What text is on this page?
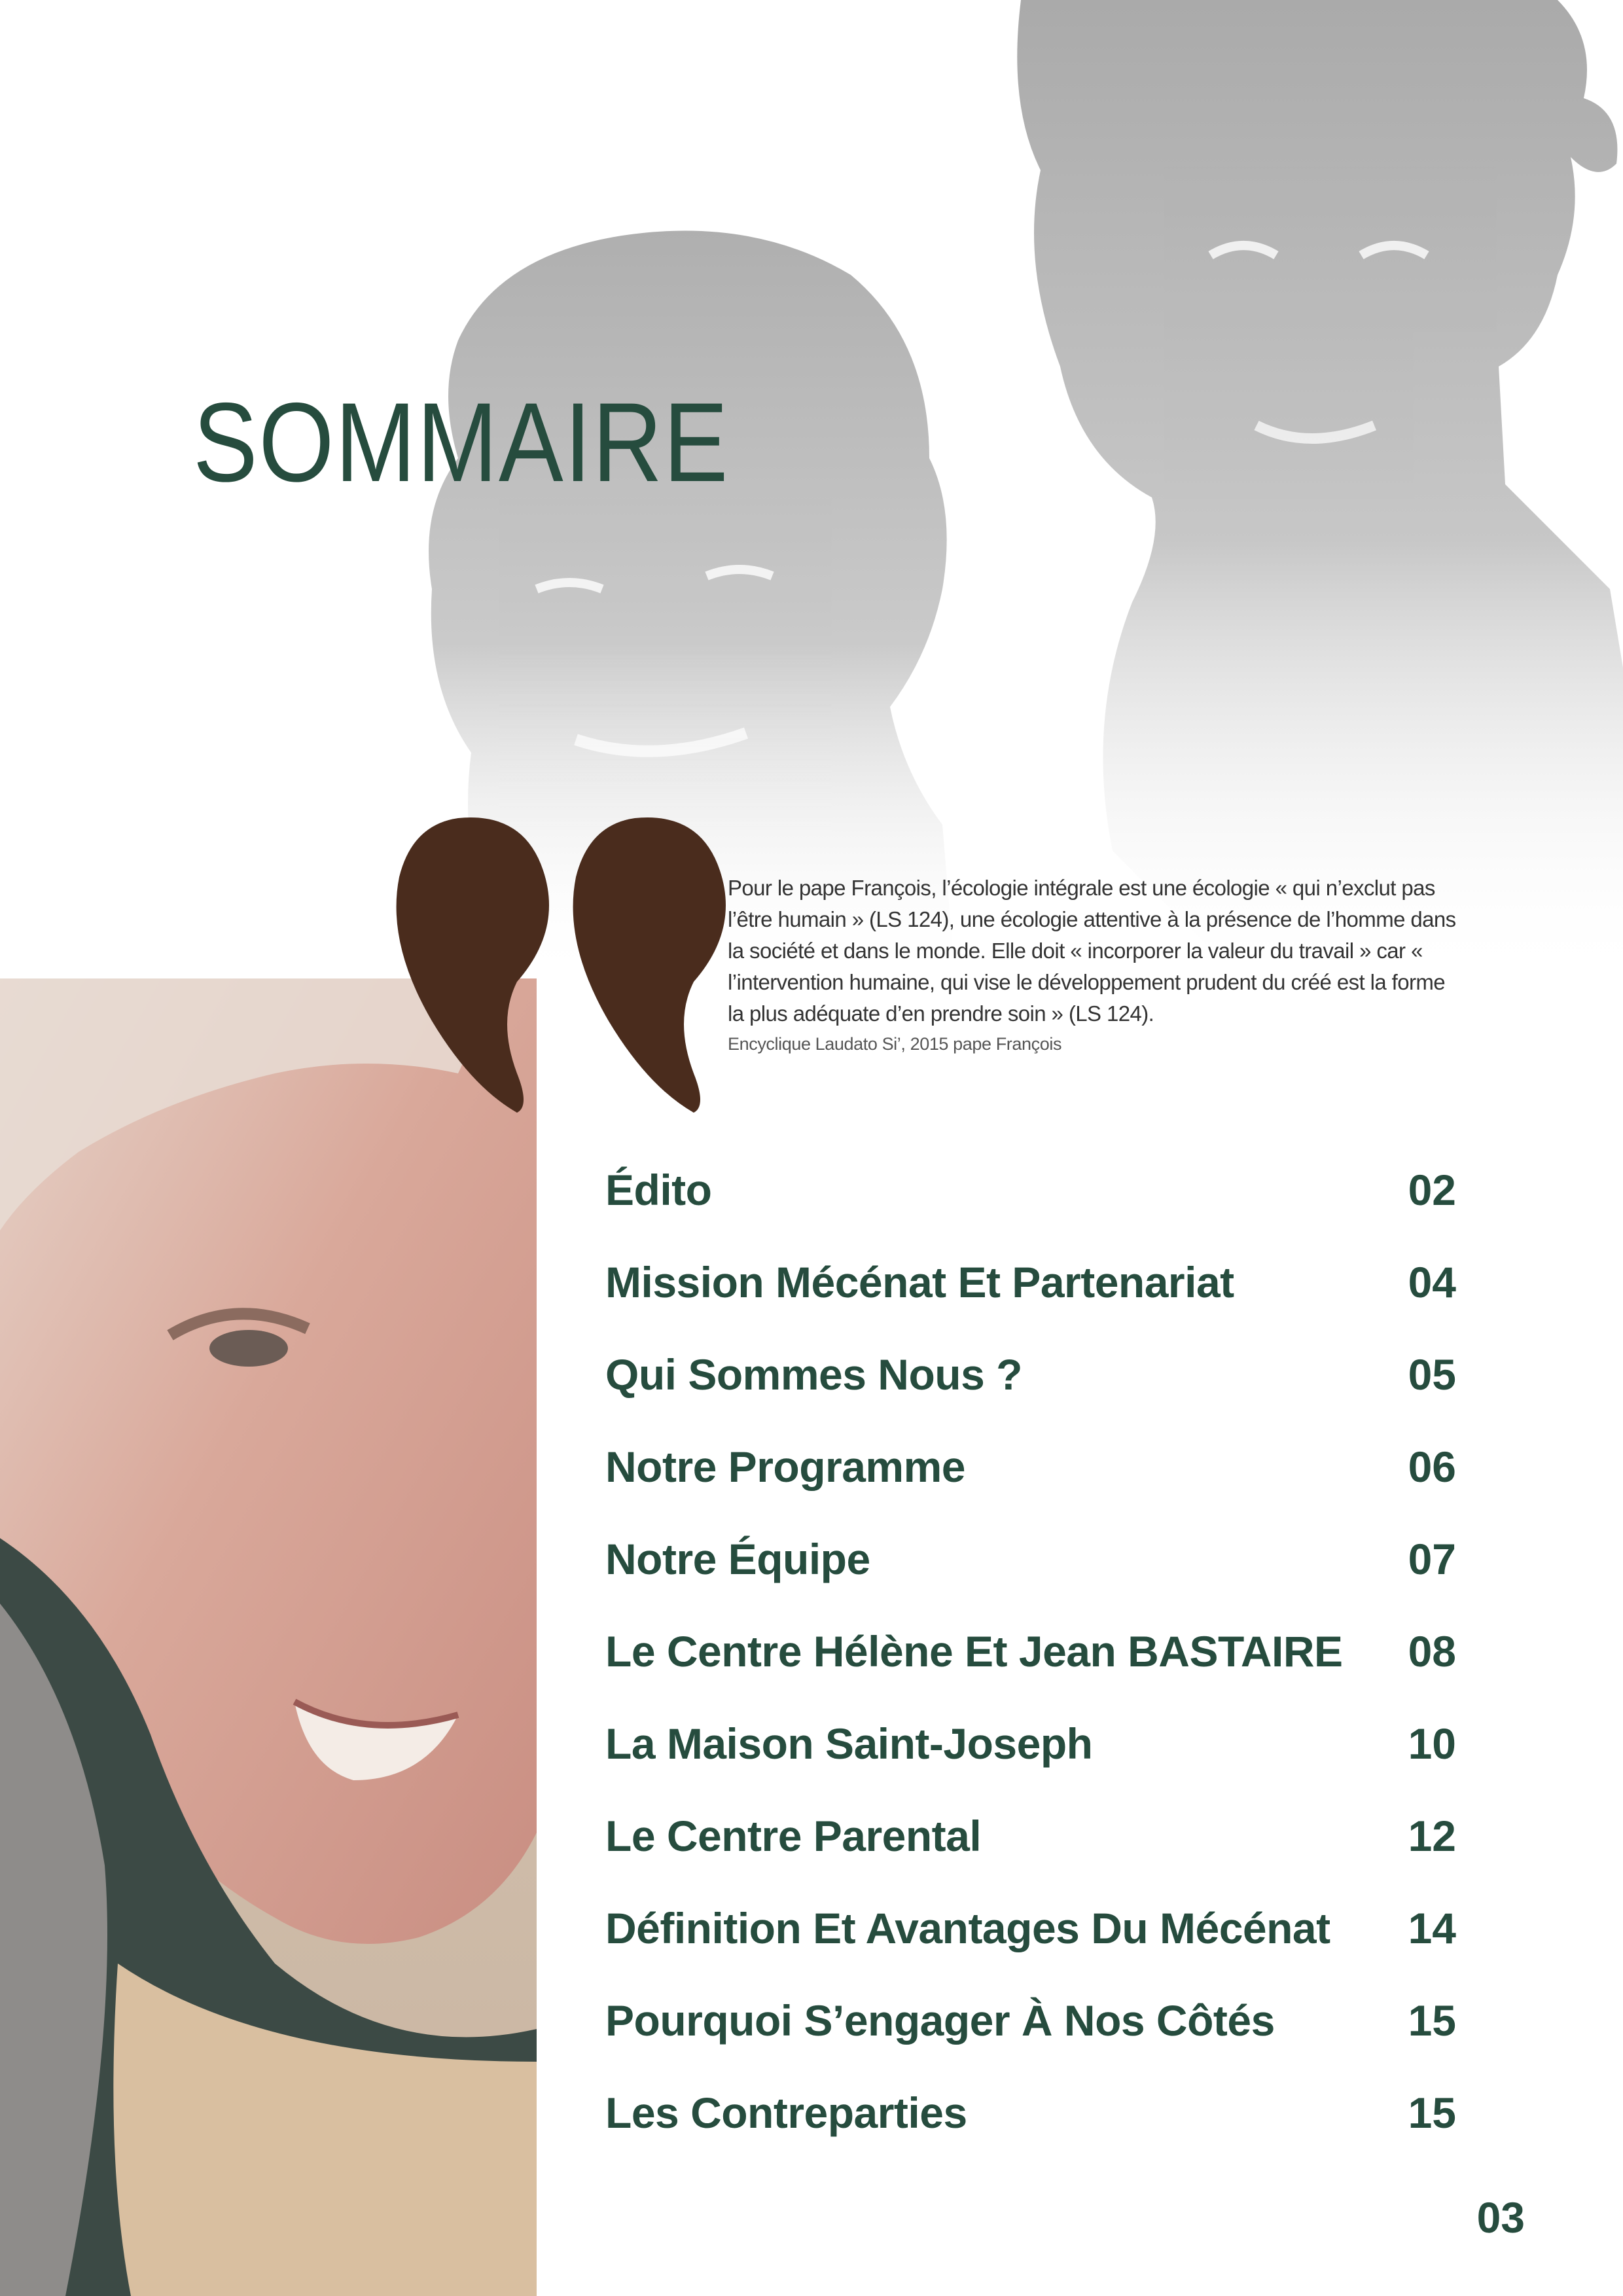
SOMMAIRE
Pour le pape François, l’écologie intégrale est une écologie « qui n’exclut pas l’être humain » (LS 124), une écologie attentive à la présence de l’homme dans la société et dans le monde. Elle doit « incorporer la valeur du travail » car « l’intervention humaine, qui vise le développement prudent du créé est la forme la plus adéquate d’en prendre soin » (LS 124).
Encyclique Laudato Si’, 2015 pape François
Édito	02
Mission Mécénat Et Partenariat	04
Qui Sommes Nous ?	05
Notre Programme	06
Notre Équipe	07
Le Centre Hélène Et Jean BASTAIRE 08
La Maison Saint-Joseph	10
Le Centre Parental	12
Définition Et Avantages Du Mécénat 14
Pourquoi S’engager À Nos Côtés	15
Les Contreparties	15
03
